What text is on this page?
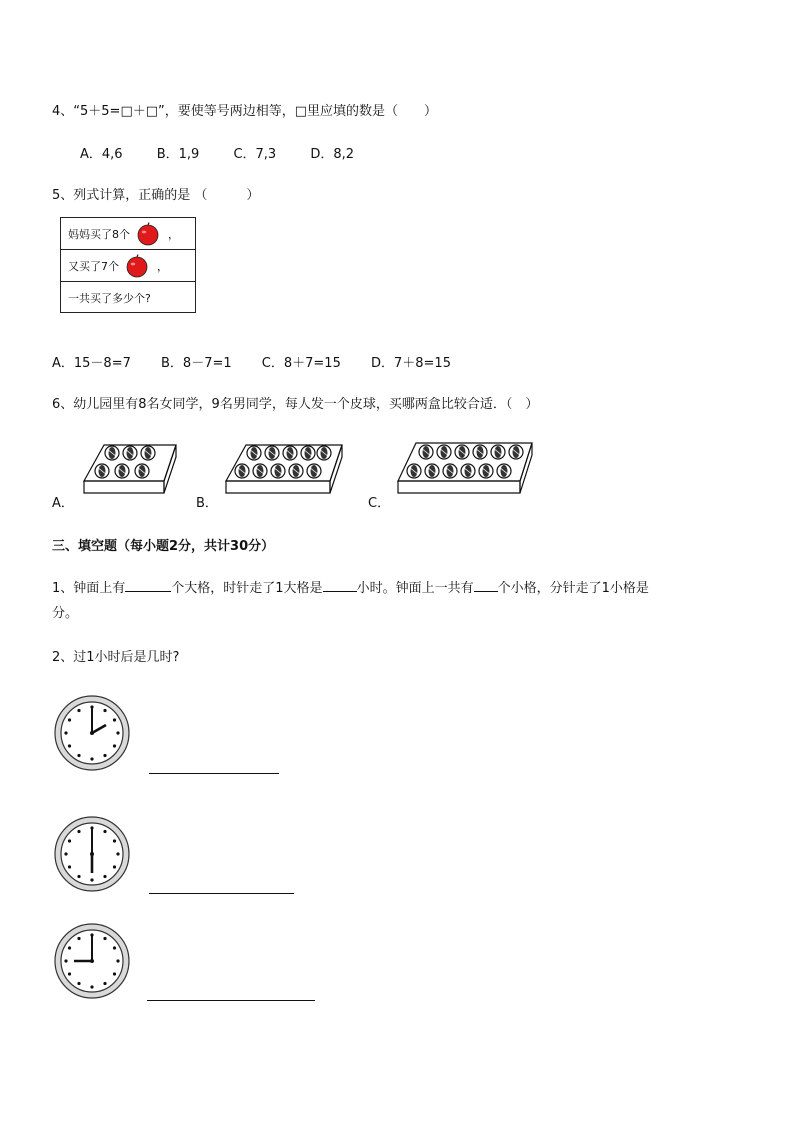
4、“5＋5=□＋□”，要使等号两边相等，□里应填的数是（　　）
A．4,6	B．1,9	C．7,3	D．8,2
5、列式计算，正确的是 （　　　）
妈妈买了8个	，
又买了7个	，
一共买了多少个?
A．15－8=7 B．8－7=1 C．8＋7=15 D．7＋8=15
6、幼儿园里有8名女同学，9名男同学，每人发一个皮球，买哪两盒比较合适．（　）
A．	B．	C．
三、填空题（每小题2分，共计30分）
1、钟面上有	个大格，时针走了1大格是	小时。钟面上一共有 个小格，分针走了1小格是
分。
2、过1小时后是几时?
